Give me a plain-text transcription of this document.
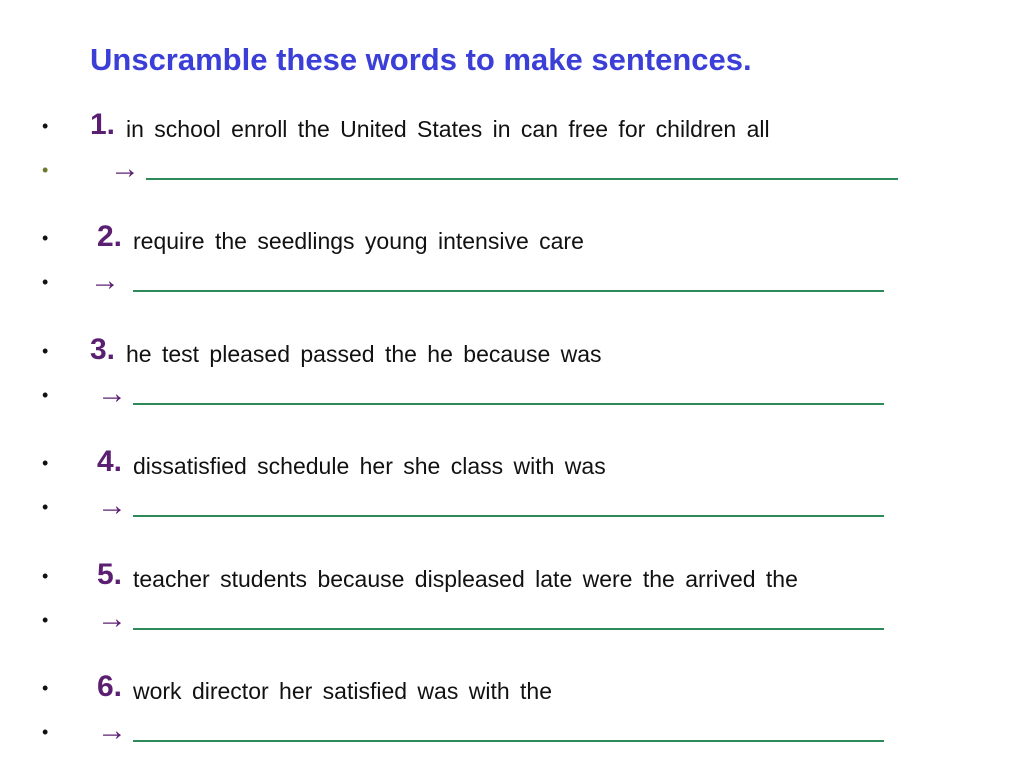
Unscramble these words to make sentences.
• 1. in school enroll the United States in can free for children all
• →
• 2. require the seedlings young intensive care
• →
• 3. he test pleased passed the he because was
• →
• 4. dissatisfied schedule her she class with was
• →
• 5. teacher students because displeased late were the arrived the
• →
• 6. work director her satisfied was with the
• →
